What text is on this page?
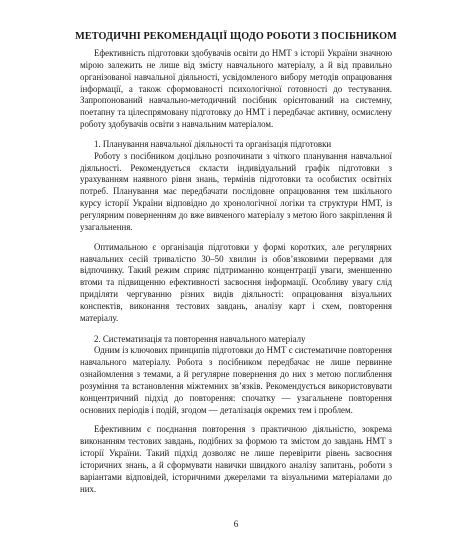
МЕТОДИЧНІ РЕКОМЕНДАЦІЇ ЩОДО РОБОТИ З ПОСІБНИКОМ

Ефективність підготовки здобувачів освіти до НМТ з історії України значною мірою залежить не лише від змісту навчального матеріалу, а й від правильно організованої навчальної діяльності, усвідомленого вибору методів опрацювання інформації, а також сформованості психологічної готовності до тестування. Запропонований навчально-методичний посібник орієнтований на системну, поетапну та цілеспрямовану підготовку до НМТ і передбачає активну, осмислену роботу здобувачів освіти з навчальним матеріалом.

1. Планування навчальної діяльності та організація підготовки

Роботу з посібником доцільно розпочинати з чіткого планування навчальної діяльності. Рекомендується скласти індивідуальний графік підготовки з урахуванням наявного рівня знань, термінів підготовки та особистих освітніх потреб. Планування має передбачати послідовне опрацювання тем шкільного курсу історії України відповідно до хронологічної логіки та структури НМТ, із регулярним поверненням до вже вивченого матеріалу з метою його закріплення й узагальнення.

Оптимальною є організація підготовки у формі коротких, але регулярних навчальних сесій тривалістю 30–50 хвилин із обов’язковими перервами для відпочинку. Такий режим сприяє підтриманню концентрації уваги, зменшенню втоми та підвищенню ефективності засвоєння інформації. Особливу увагу слід приділяти чергуванню різних видів діяльності: опрацювання візуальних конспектів, виконання тестових завдань, аналізу карт і схем, повторення матеріалу.

2. Систематизація та повторення навчального матеріалу

Одним із ключових принципів підготовки до НМТ є систематичне повторення навчального матеріалу. Робота з посібником передбачає не лише первинне ознайомлення з темами, а й регулярне повернення до них з метою поглиблення розуміння та встановлення міжтемних зв’язків. Рекомендується використовувати концентричний підхід до повторення: спочатку — узагальнене повторення основних періодів і подій, згодом — деталізація окремих тем і проблем.

Ефективним є поєднання повторення з практичною діяльністю, зокрема виконанням тестових завдань, подібних за формою та змістом до завдань НМТ з історії України. Такий підхід дозволяє не лише перевірити рівень засвоєння історичних знань, а й сформувати навички швидкого аналізу запитань, роботи з варіантами відповідей, історичними джерелами та візуальними матеріалами до них.

6
